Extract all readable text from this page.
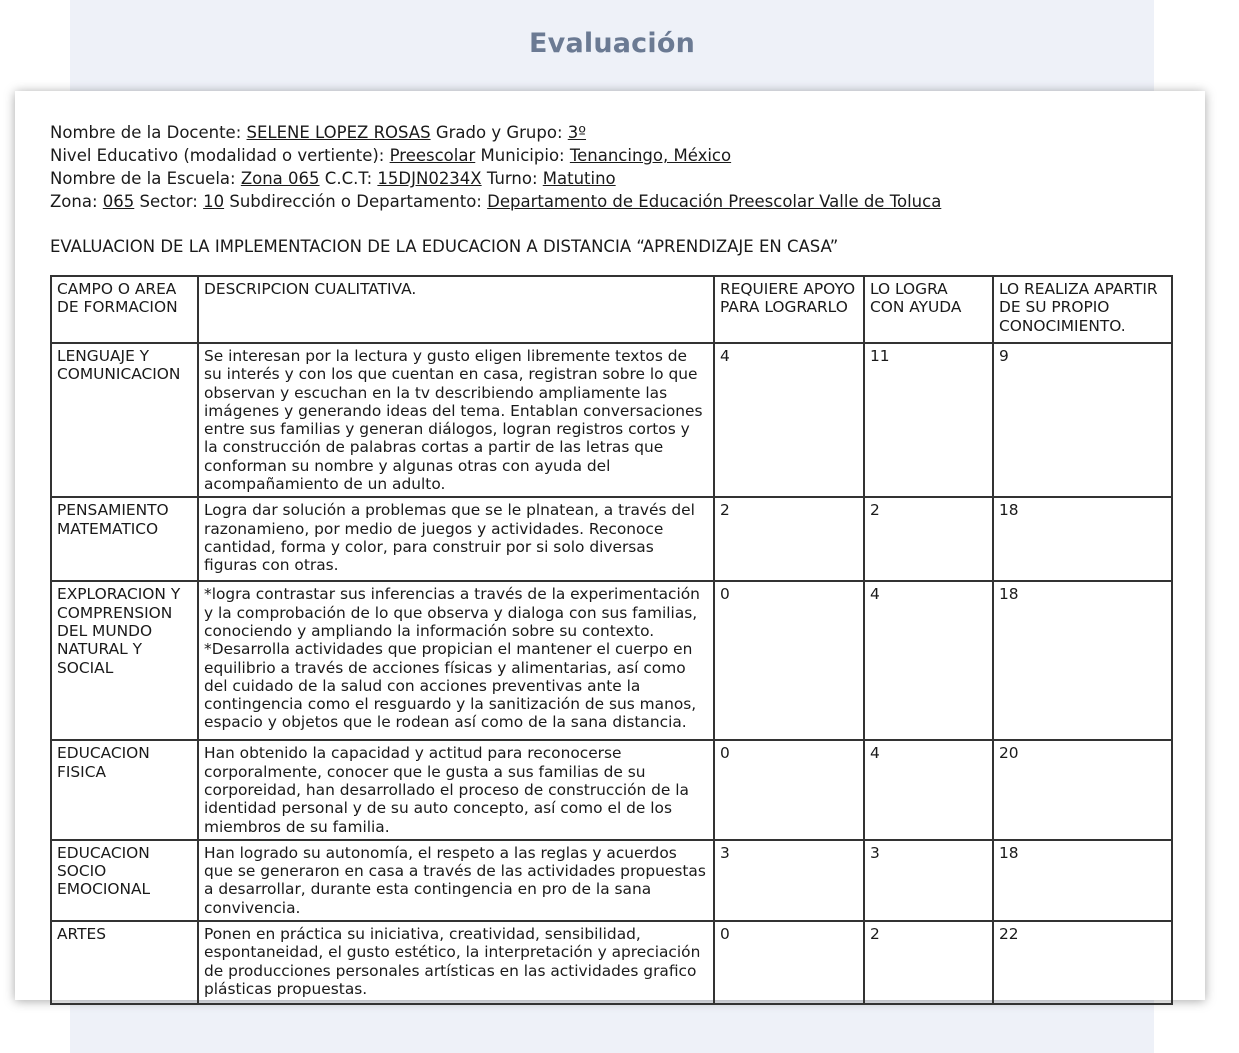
Evaluación
Nombre de la Docente: SELENE LOPEZ ROSAS Grado y Grupo: 3º
Nivel Educativo (modalidad o vertiente): Preescolar Municipio: Tenancingo, México
Nombre de la Escuela: Zona 065 C.C.T: 15DJN0234X Turno: Matutino
Zona: 065 Sector: 10 Subdirección o Departamento: Departamento de Educación Preescolar Valle de Toluca
EVALUACION DE LA IMPLEMENTACION DE LA EDUCACION A DISTANCIA “APRENDIZAJE EN CASA”
CAMPO O AREA DE FORMACION	DESCRIPCION CUALITATIVA.	REQUIERE APOYO PARA LOGRARLO	LO LOGRA CON AYUDA	LO REALIZA APARTIR DE SU PROPIO CONOCIMIENTO.
LENGUAJE Y COMUNICACION	Se interesan por la lectura y gusto eligen libremente textos de su interés y con los que cuentan en casa, registran sobre lo que observan y escuchan en la tv describiendo ampliamente las imágenes y generando ideas del tema. Entablan conversaciones entre sus familias y generan diálogos, logran registros cortos y la construcción de palabras cortas a partir de las letras que conforman su nombre y algunas otras con ayuda del acompañamiento de un adulto.	4	11	9
PENSAMIENTO MATEMATICO	Logra dar solución a problemas que se le plnatean, a través del razonamieno, por medio de juegos y actividades. Reconoce cantidad, forma y color, para construir por si solo diversas figuras con otras.	2	2	18
EXPLORACION Y COMPRENSION DEL MUNDO NATURAL Y SOCIAL	*logra contrastar sus inferencias a través de la experimentación y la comprobación de lo que observa y dialoga con sus familias, conociendo y ampliando la información sobre su contexto. *Desarrolla actividades que propician el mantener el cuerpo en equilibrio a través de acciones físicas y alimentarias, así como del cuidado de la salud con acciones preventivas ante la contingencia como el resguardo y la sanitización de sus manos, espacio y objetos que le rodean así como de la sana distancia.	0	4	18
EDUCACION FISICA	Han obtenido la capacidad y actitud para reconocerse corporalmente, conocer que le gusta a sus familias de su corporeidad, han desarrollado el proceso de construcción de la identidad personal y de su auto concepto, así como el de los miembros de su familia.	0	4	20
EDUCACION SOCIO EMOCIONAL	Han logrado su autonomía, el respeto a las reglas y acuerdos que se generaron en casa a través de las actividades propuestas a desarrollar, durante esta contingencia en pro de la sana convivencia.	3	3	18
ARTES	Ponen en práctica su iniciativa, creatividad, sensibilidad, espontaneidad, el gusto estético, la interpretación y apreciación de producciones personales artísticas en las actividades grafico plásticas propuestas.	0	2	22
